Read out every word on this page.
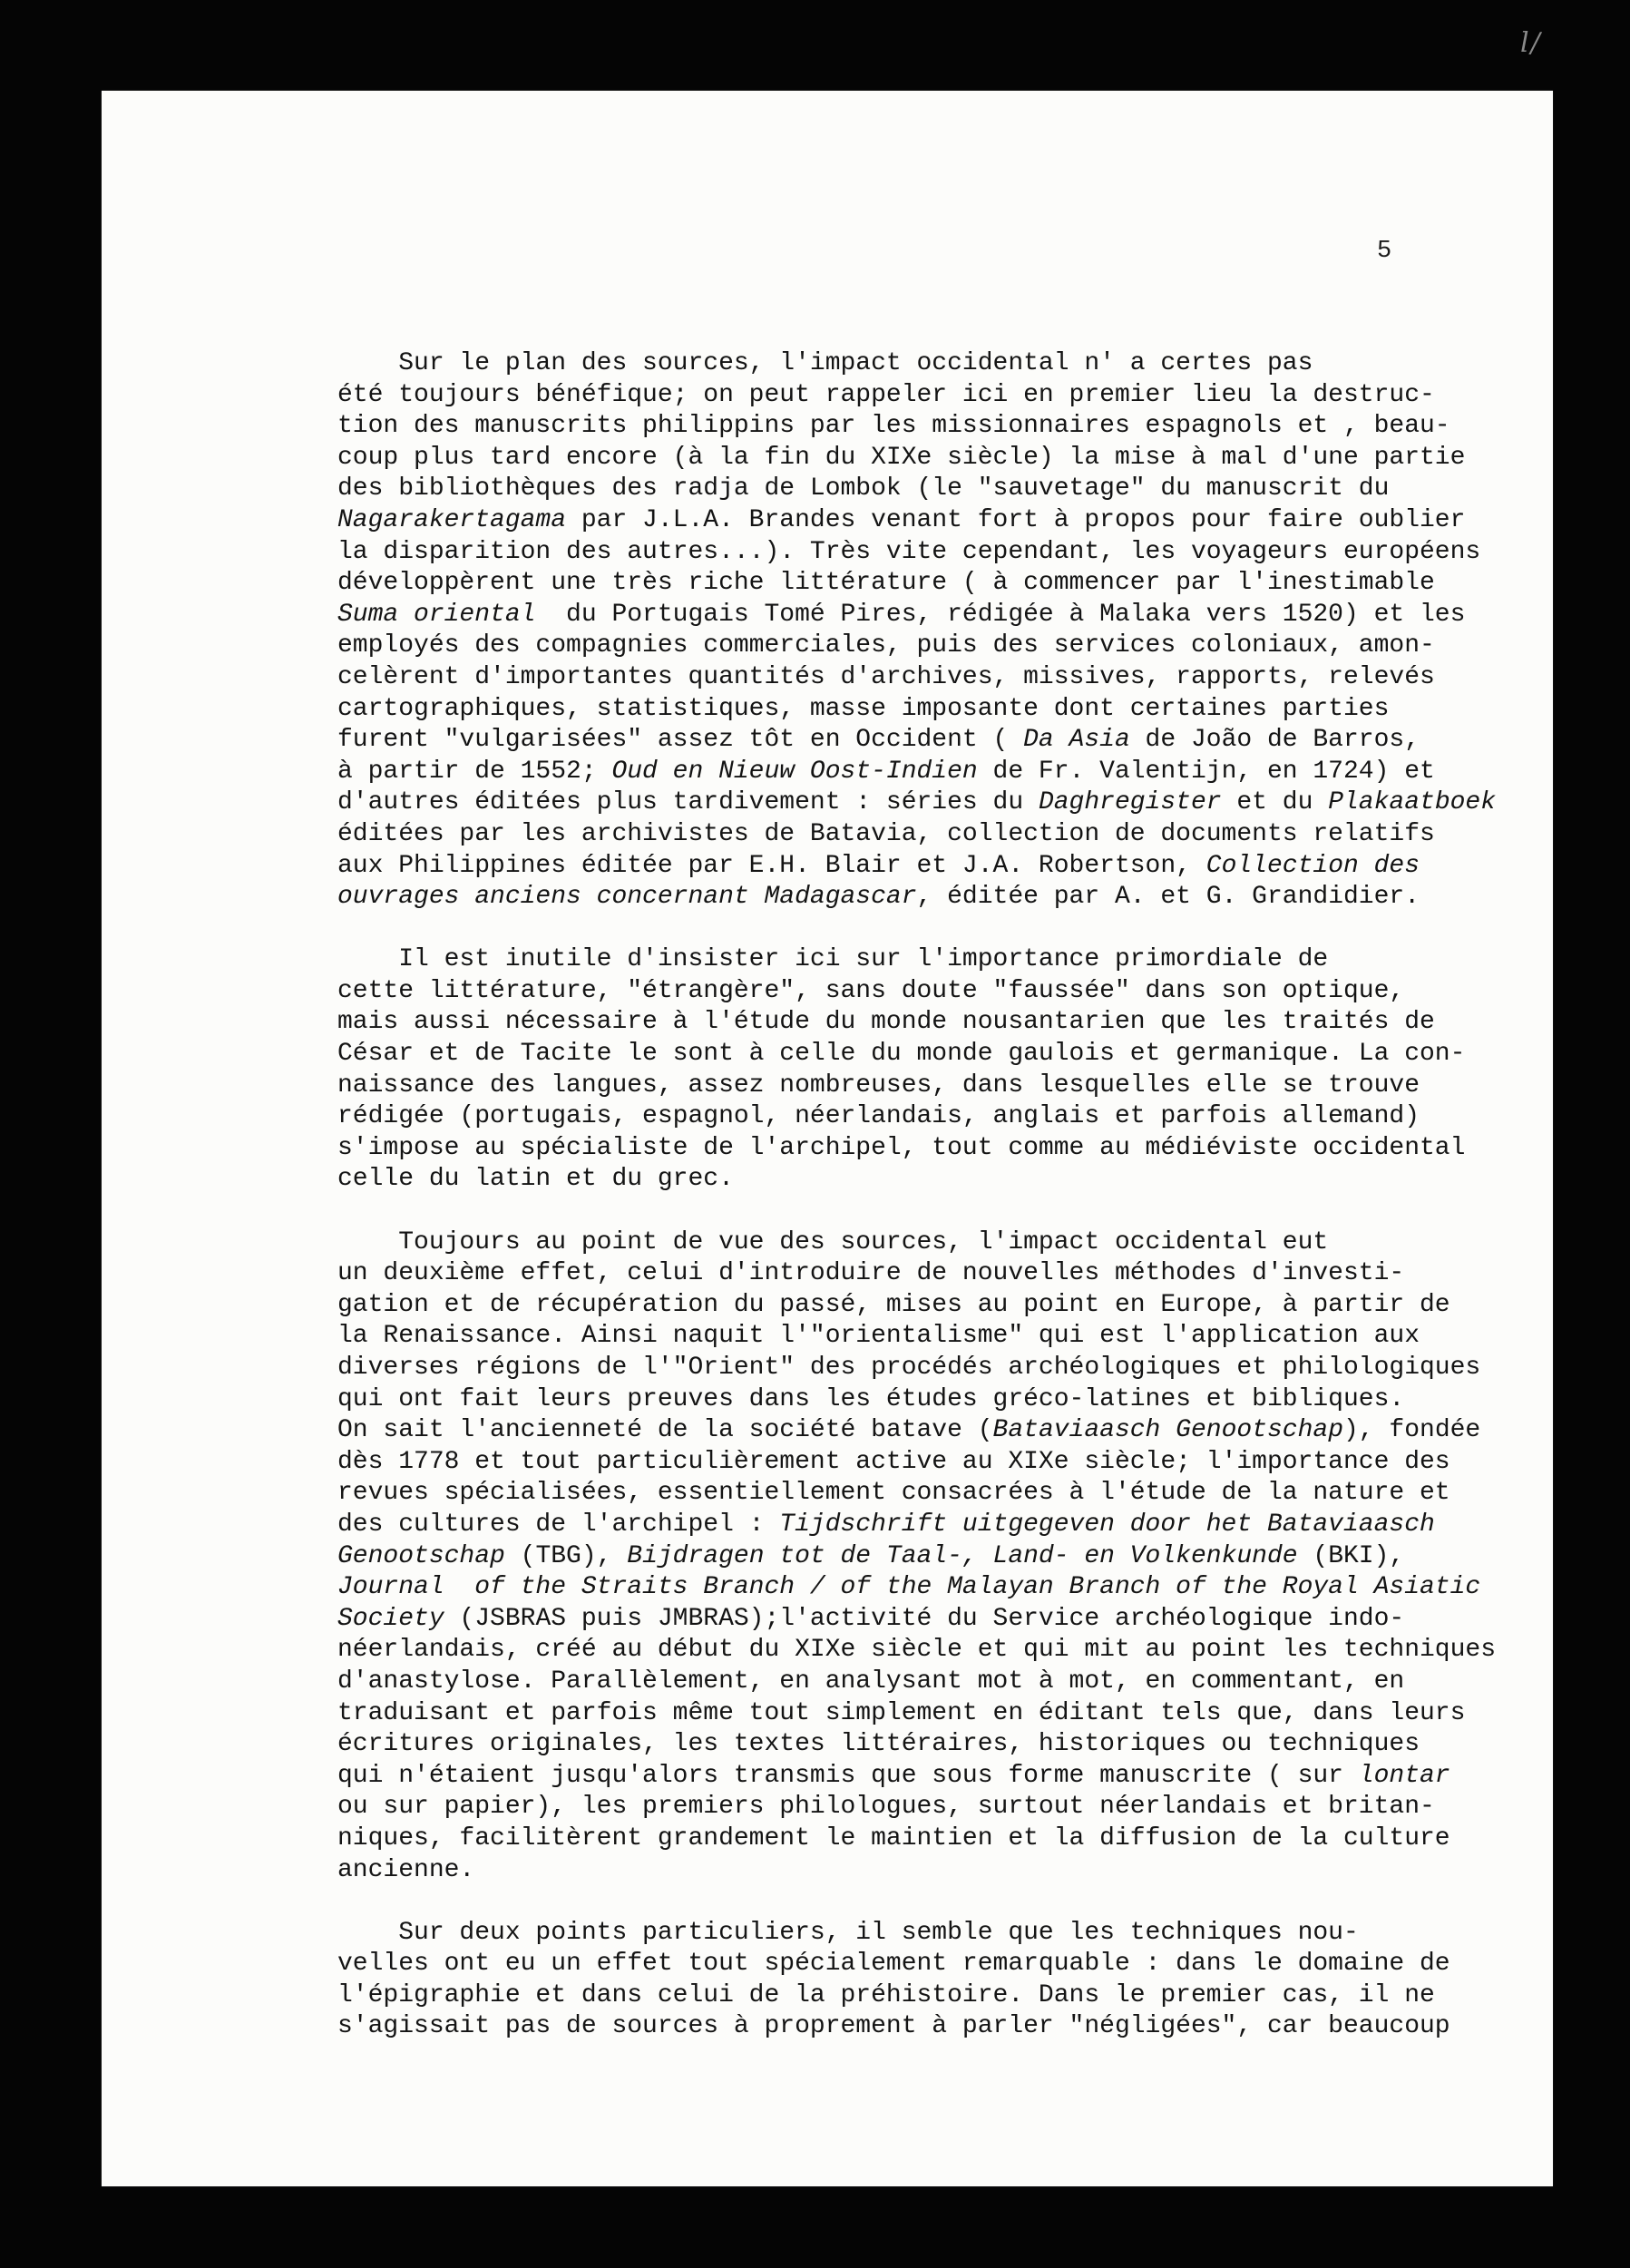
l/
5
Sur le plan des sources, l'impact occidental n' a certes pas
été toujours bénéfique; on peut rappeler ici en premier lieu la destruc-
tion des manuscrits philippins par les missionnaires espagnols et , beau-
coup plus tard encore (à la fin du XIXe siècle) la mise à mal d'une partie
des bibliothèques des radja de Lombok (le "sauvetage" du manuscrit du
Nagarakertagama par J.L.A. Brandes venant fort à propos pour faire oublier
la disparition des autres...). Très vite cependant, les voyageurs européens
développèrent une très riche littérature ( à commencer par l'inestimable
Suma oriental  du Portugais Tomé Pires, rédigée à Malaka vers 1520) et les
employés des compagnies commerciales, puis des services coloniaux, amon-
celèrent d'importantes quantités d'archives, missives, rapports, relevés
cartographiques, statistiques, masse imposante dont certaines parties
furent "vulgarisées" assez tôt en Occident ( Da Asia de João de Barros,
à partir de 1552; Oud en Nieuw Oost-Indien de Fr. Valentijn, en 1724) et
d'autres éditées plus tardivement : séries du Daghregister et du Plakaatboek
éditées par les archivistes de Batavia, collection de documents relatifs
aux Philippines éditée par E.H. Blair et J.A. Robertson, Collection des
ouvrages anciens concernant Madagascar, éditée par A. et G. Grandidier.
Il est inutile d'insister ici sur l'importance primordiale de
cette littérature, "étrangère", sans doute "faussée" dans son optique,
mais aussi nécessaire à l'étude du monde nousantarien que les traités de
César et de Tacite le sont à celle du monde gaulois et germanique. La con-
naissance des langues, assez nombreuses, dans lesquelles elle se trouve
rédigée (portugais, espagnol, néerlandais, anglais et parfois allemand)
s'impose au spécialiste de l'archipel, tout comme au médiéviste occidental
celle du latin et du grec.
Toujours au point de vue des sources, l'impact occidental eut
un deuxième effet, celui d'introduire de nouvelles méthodes d'investi-
gation et de récupération du passé, mises au point en Europe, à partir de
la Renaissance. Ainsi naquit l'"orientalisme" qui est l'application aux
diverses régions de l'"Orient" des procédés archéologiques et philologiques
qui ont fait leurs preuves dans les études gréco-latines et bibliques.
On sait l'ancienneté de la société batave (Bataviaasch Genootschap), fondée
dès 1778 et tout particulièrement active au XIXe siècle; l'importance des
revues spécialisées, essentiellement consacrées à l'étude de la nature et
des cultures de l'archipel : Tijdschrift uitgegeven door het Bataviaasch
Genootschap (TBG), Bijdragen tot de Taal-, Land- en Volkenkunde (BKI),
Journal  of the Straits Branch / of the Malayan Branch of the Royal Asiatic
Society (JSBRAS puis JMBRAS);l'activité du Service archéologique indo-
néerlandais, créé au début du XIXe siècle et qui mit au point les techniques
d'anastylose. Parallèlement, en analysant mot à mot, en commentant, en
traduisant et parfois même tout simplement en éditant tels que, dans leurs
écritures originales, les textes littéraires, historiques ou techniques
qui n'étaient jusqu'alors transmis que sous forme manuscrite ( sur lontar
ou sur papier), les premiers philologues, surtout néerlandais et britan-
niques, facilitèrent grandement le maintien et la diffusion de la culture
ancienne.
Sur deux points particuliers, il semble que les techniques nou-
velles ont eu un effet tout spécialement remarquable : dans le domaine de
l'épigraphie et dans celui de la préhistoire. Dans le premier cas, il ne
s'agissait pas de sources à proprement à parler "négligées", car beaucoup
